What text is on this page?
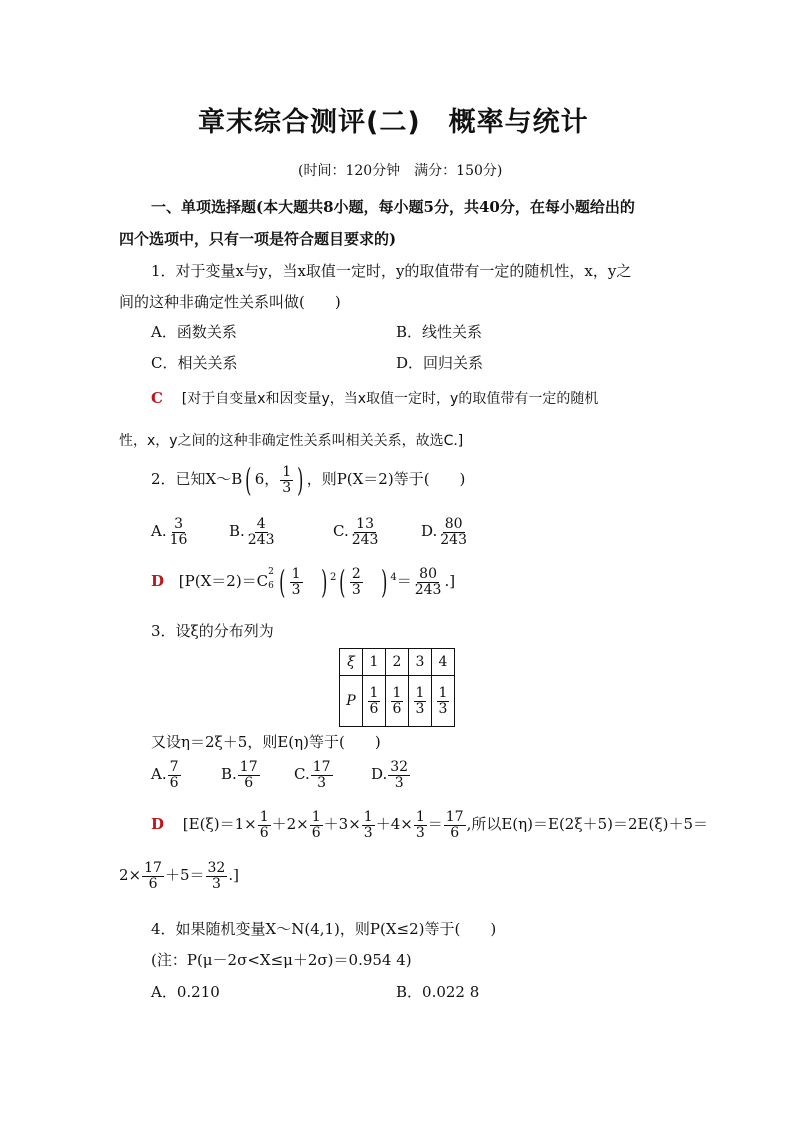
章末综合测评(二)　概率与统计
(时间：120分钟　满分：150分)
一、单项选择题(本大题共8小题，每小题5分，共40分，在每小题给出的
四个选项中，只有一项是符合题目要求的)
1．对于变量x与y，当x取值一定时，y的取值带有一定的随机性，x，y之
间的这种非确定性关系叫做(　　)
A．函数关系	B．线性关系
C．相关关系	D．回归关系
C [对于自变量x和因变量y，当x取值一定时，y的取值带有一定的随机
性，x，y之间的这种非确定性关系叫相关关系，故选C.]
2．已知X～B( 6， $\frac{1}{3}$ ) ，则P(X＝2)等于(　　)
A. $\frac{3}{16}$	B. $\frac{4}{243}$	C. $\frac{13}{243}$	D. $\frac{80}{243}$
D [P(X＝2)＝C 2
6 ( $\frac{1}{3}$ ) $^2( \frac{2}{3}$ ) $^4= \frac{80}{243}$ .]
3．设ξ的分布列为
ξ	1	2	3	4
P	$\frac{1}{6}$	$\frac{1}{6}$	$\frac{1}{3}$	$\frac{1}{3}$
又设η＝2ξ＋5，则E(η)等于(　　)
A. $\frac{7}{6}$	B. $\frac{17}{6} C$. $\frac{17}{3}$	D. $\frac{32}{3}$
D [$E(\xi)=1\times \frac{1}{6} +2\times \frac{1}{6} +3\times \frac{1}{3} +4\times \frac{1}{3} = \frac{17}{6}$ ,所以E(η)＝E(2ξ＋5)＝2E(ξ)＋5＝
$2\times \frac{17}{6} +5= \frac{32}{3}$ .]
4．如果随机变量X～N(4,1)，则P(X≤2)等于(　　)
(注：P(μ－2σ<X≤μ＋2σ)＝0.954 4)
A．0.210	B．0.022 8
